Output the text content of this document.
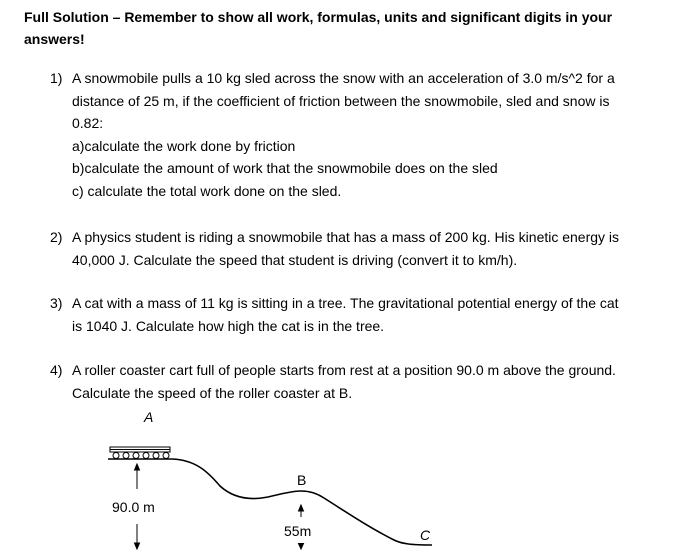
Full Solution – Remember to show all work, formulas, units and significant digits in your
answers!
1) A snowmobile pulls a 10 kg sled across the snow with an acceleration of 3.0 m/s^2 for a
distance of 25 m, if the coefficient of friction between the snowmobile, sled and snow is
0.82:
a)calculate the work done by friction
b)calculate the amount of work that the snowmobile does on the sled
c) calculate the total work done on the sled.
2) A physics student is riding a snowmobile that has a mass of 200 kg. His kinetic energy is
40,000 J. Calculate the speed that student is driving (convert it to km/h).
3) A cat with a mass of 11 kg is sitting in a tree. The gravitational potential energy of the cat
is 1040 J. Calculate how high the cat is in the tree.
4) A roller coaster cart full of people starts from rest at a position 90.0 m above the ground.
Calculate the speed of the roller coaster at B.
A
90.0 m
B
55m	C
